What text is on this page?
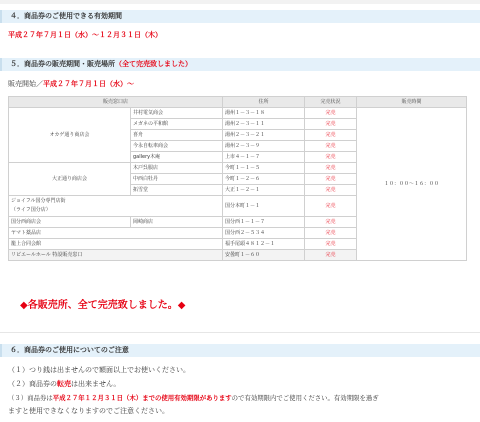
４．商品券のご使用できる有効期間
平成２７年７月１日（水）～１２月３１日（木）
５．商品券の販売期間・販売場所（全て完売致しました）
販売開始／平成２７年７月１日（水）～
販売窓口店		住所	完売状況	販売時間	
オカゲ通り商店会	井村電気商会	湯州１－３－１８	完売	１０：００～１６：００	
	メガネの平和館	湯州２－３－１１	完売		
	喜舟	湯州２－３－２１	完売		
	今永自転車商会	湯州２－３－９	完売		
	gallery木庵	上市４－１－７	完売		
大正通り商店会	木戸呉服店	今町１－１－５	完売		
	中西白牡丹	今町１－２－６	完売		
	拓雪堂	大正１－２－１	完売		
ジョイフル国分専門店街
（ライフ国分店）		国分本町１－１	完売		
国分西商店会	岡崎商店	国分西１－１－７	完売		
ヤマト薬品店		国分西２－５３４	完売		
籠上合同会館		福手尾頭４８１２－１	完売		
リビエールホール 特設販売窓口		安曇町１－６０	完売	
◆各販売所、全て完売致しました。◆
６．商品券のご使用についてのご注意
（１）つり銭は出ませんので額面以上でお使いください。
（２）商品券の転売は出来ません。
（３）商品券は平成２７年１２月３１日（木）までの使用有効期限がありますので有効期限内でご使用ください。有効期限を過ぎ
ますと使用できなくなりますのでご注意ください。
